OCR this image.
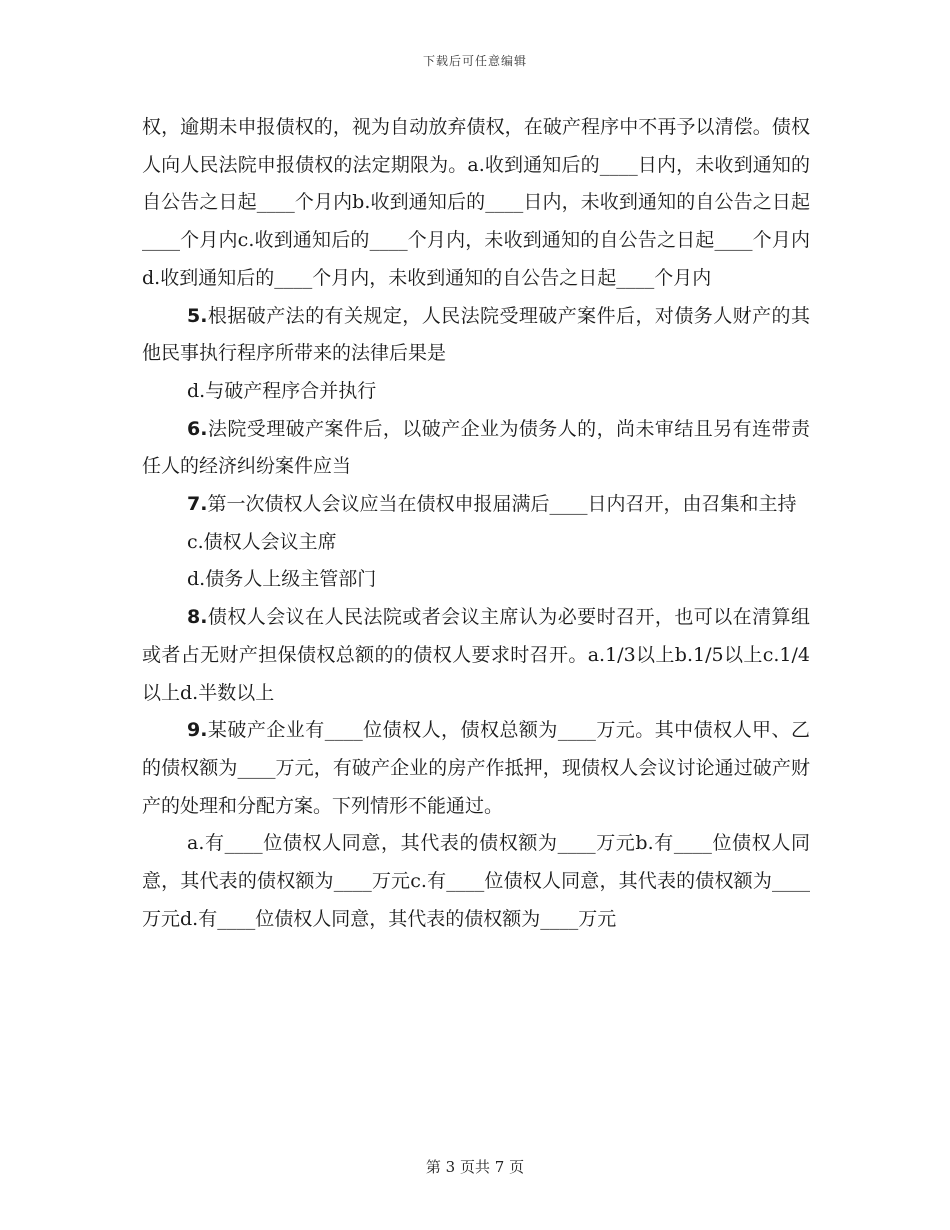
下载后可任意编辑

权，逾期未申报债权的，视为自动放弃债权，在破产程序中不再予以清偿。债权人向人民法院申报债权的法定期限为。a.收到通知后的____日内，未收到通知的自公告之日起____个月内b.收到通知后的____日内，未收到通知的自公告之日起____个月内c.收到通知后的____个月内，未收到通知的自公告之日起____个月内d.收到通知后的____个月内，未收到通知的自公告之日起____个月内

5.根据破产法的有关规定，人民法院受理破产案件后，对债务人财产的其他民事执行程序所带来的法律后果是

d.与破产程序合并执行

6.法院受理破产案件后，以破产企业为债务人的，尚未审结且另有连带责任人的经济纠纷案件应当

7.第一次债权人会议应当在债权申报届满后____日内召开，由召集和主持

c.债权人会议主席

d.债务人上级主管部门

8.债权人会议在人民法院或者会议主席认为必要时召开，也可以在清算组或者占无财产担保债权总额的的债权人要求时召开。a.1/3以上b.1/5以上c.1/4以上d.半数以上

9.某破产企业有____位债权人，债权总额为____万元。其中债权人甲、乙的债权额为____万元，有破产企业的房产作抵押，现债权人会议讨论通过破产财产的处理和分配方案。下列情形不能通过。

a.有____位债权人同意，其代表的债权额为____万元b.有____位债权人同意，其代表的债权额为____万元c.有____位债权人同意，其代表的债权额为____万元d.有____位债权人同意，其代表的债权额为____万元

第 3 页共 7 页
